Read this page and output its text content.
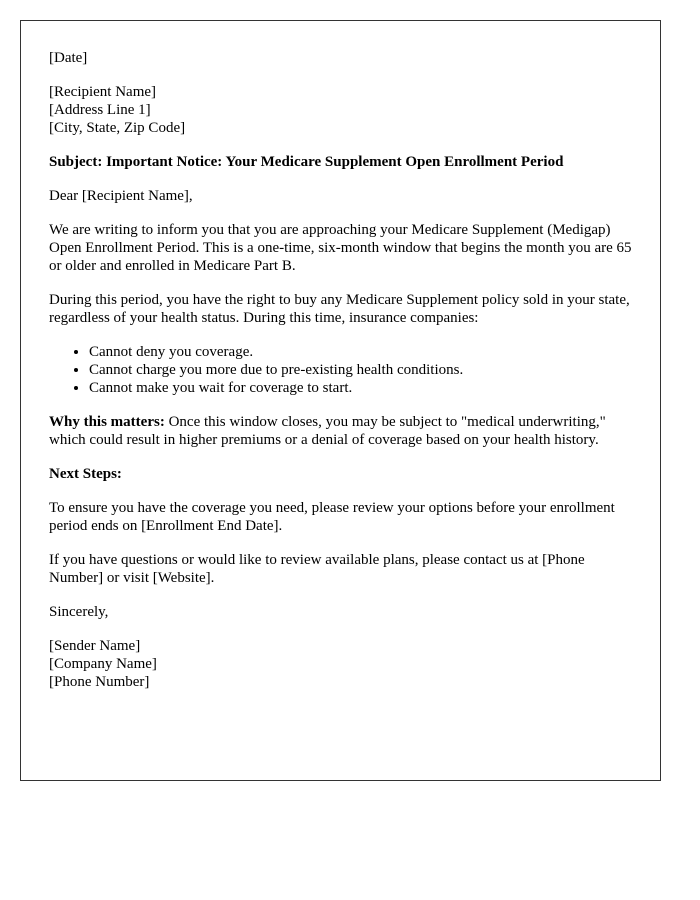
[Date]

[Recipient Name]
[Address Line 1]
[City, State, Zip Code]

Subject: Important Notice: Your Medicare Supplement Open Enrollment Period

Dear [Recipient Name],

We are writing to inform you that you are approaching your Medicare Supplement (Medigap) Open Enrollment Period. This is a one-time, six-month window that begins the month you are 65 or older and enrolled in Medicare Part B.

During this period, you have the right to buy any Medicare Supplement policy sold in your state, regardless of your health status. During this time, insurance companies:

• Cannot deny you coverage.
• Cannot charge you more due to pre-existing health conditions.
• Cannot make you wait for coverage to start.

Why this matters: Once this window closes, you may be subject to "medical underwriting," which could result in higher premiums or a denial of coverage based on your health history.

Next Steps:

To ensure you have the coverage you need, please review your options before your enrollment period ends on [Enrollment End Date].

If you have questions or would like to review available plans, please contact us at [Phone Number] or visit [Website].

Sincerely,

[Sender Name]
[Company Name]
[Phone Number]
